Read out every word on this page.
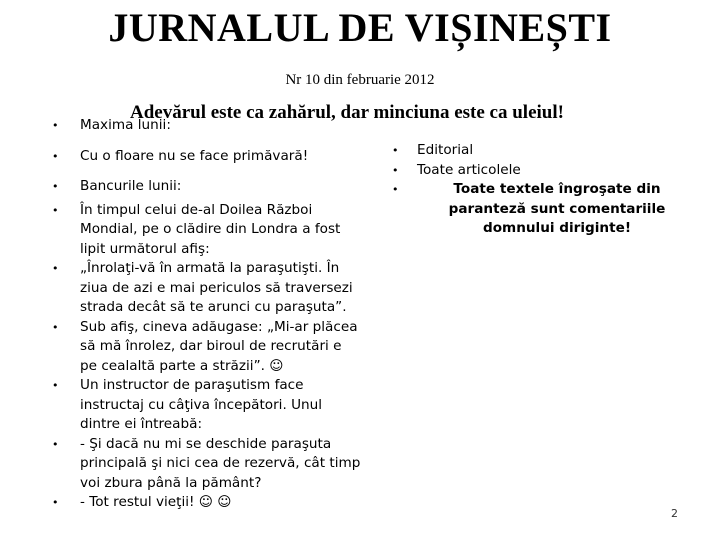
JURNALUL DE VIȘINEȘTI
Nr 10 din februarie 2012
Adevărul este ca zahărul, dar minciuna este ca uleiul!
• Maxima lunii:
• Cu o floare nu se face primăvară!
• Bancurile lunii:
• În timpul celui de-al Doilea Război Mondial, pe o clădire din Londra a fost lipit următorul afiş:
• „Înrolaţi-vă în armată la paraşutişti. În ziua de azi e mai periculos să traversezi strada decât să te arunci cu paraşuta”.
• Sub afiş, cineva adăugase: „Mi-ar plăcea să mă înrolez, dar biroul de recrutări e pe cealaltă parte a străzii”. ☺
• Un instructor de paraşutism face instructaj cu câţiva începători. Unul dintre ei întreabă:
• - Şi dacă nu mi se deschide paraşuta principală şi nici cea de rezervă, cât timp voi zbura până la pământ?
• - Tot restul vieţii! ☺ ☺
• Editorial
• Toate articolele
•	Toate textele îngroşate din paranteză sunt comentariile domnului diriginte!
2
